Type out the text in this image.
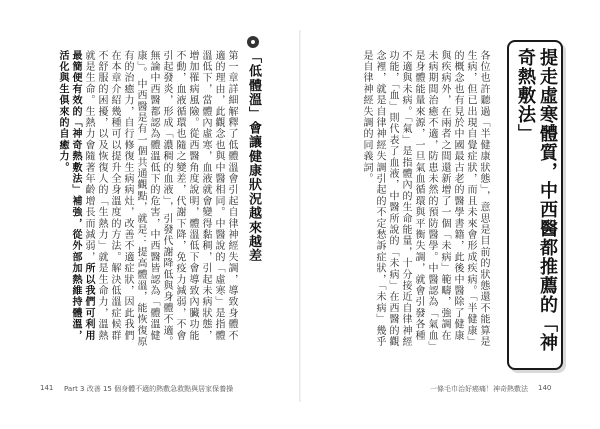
提走虛寒體質，中西醫都推薦的「神奇熱敷法」
各位也許聽過「半健康狀態」，意思是目前的狀態還不能算是生病，但已出現自覺症狀，而且未來會形成疾病。「半健康」的概念也有見於中國最古老的醫學書籍，此後中醫除了健康與疾病外，在兩者之間還新增了一個「未病」範疇，強調在未病期間治癒不適，防患未然的預防醫學。中醫認為「氣血」是身體能量來源，一旦氣血循環與平衡失調，就會引發各種不適與未病。「氣」是指體內的生命能量，十分接近自律神經功能，「血」則代表了血液，中醫所說的「未病」在西醫的觀念裡，就是自律神經失調引起的不定愁訴症狀，「未病」幾乎是自律神經失調的同義詞。
「低體溫」會讓健康狀況越來越差
第一章詳細解釋了低體溫會引起自律神經失調，導致身體不適的理由，此觀念也與中醫相同。中醫說的「虛寒」是指體溫低下，當體內虛寒，血液就會變得黏稠，引起未病狀態，增加罹病風險。從西醫角度說明，體溫低下會導致內臟功能不動，血液循環也隨之變差，代謝下降，免疫力減弱，不會引起發炎，形成「濃稠的血液」，引發代謝降低與身體不適。無論中西醫都認為體溫低下的危害，中西醫皆認為「體溫健康」。中西醫是有一個共通觀點，就是：提高體溫，能恢復原有的治癒力，自行修復生病病灶，改善不適症狀，因此我們在本章介紹幾種可以提升全身溫度的方法。解決低溫症候群不舒服的困擾，以及恢復人的「生熱力」就是生命力，溫熱就是生命。生熱力會隨著年齡增長而減弱，所以我們可利用最簡便有效的「神奇熱敷法」補強，從外部加熱維持體溫，活化與生俱來的自癒力。
141 Part 3 改善 15 個身體不適的熱敷急救點與居家保養操	一條毛巾治好癌痛！神奇熱敷法 140
